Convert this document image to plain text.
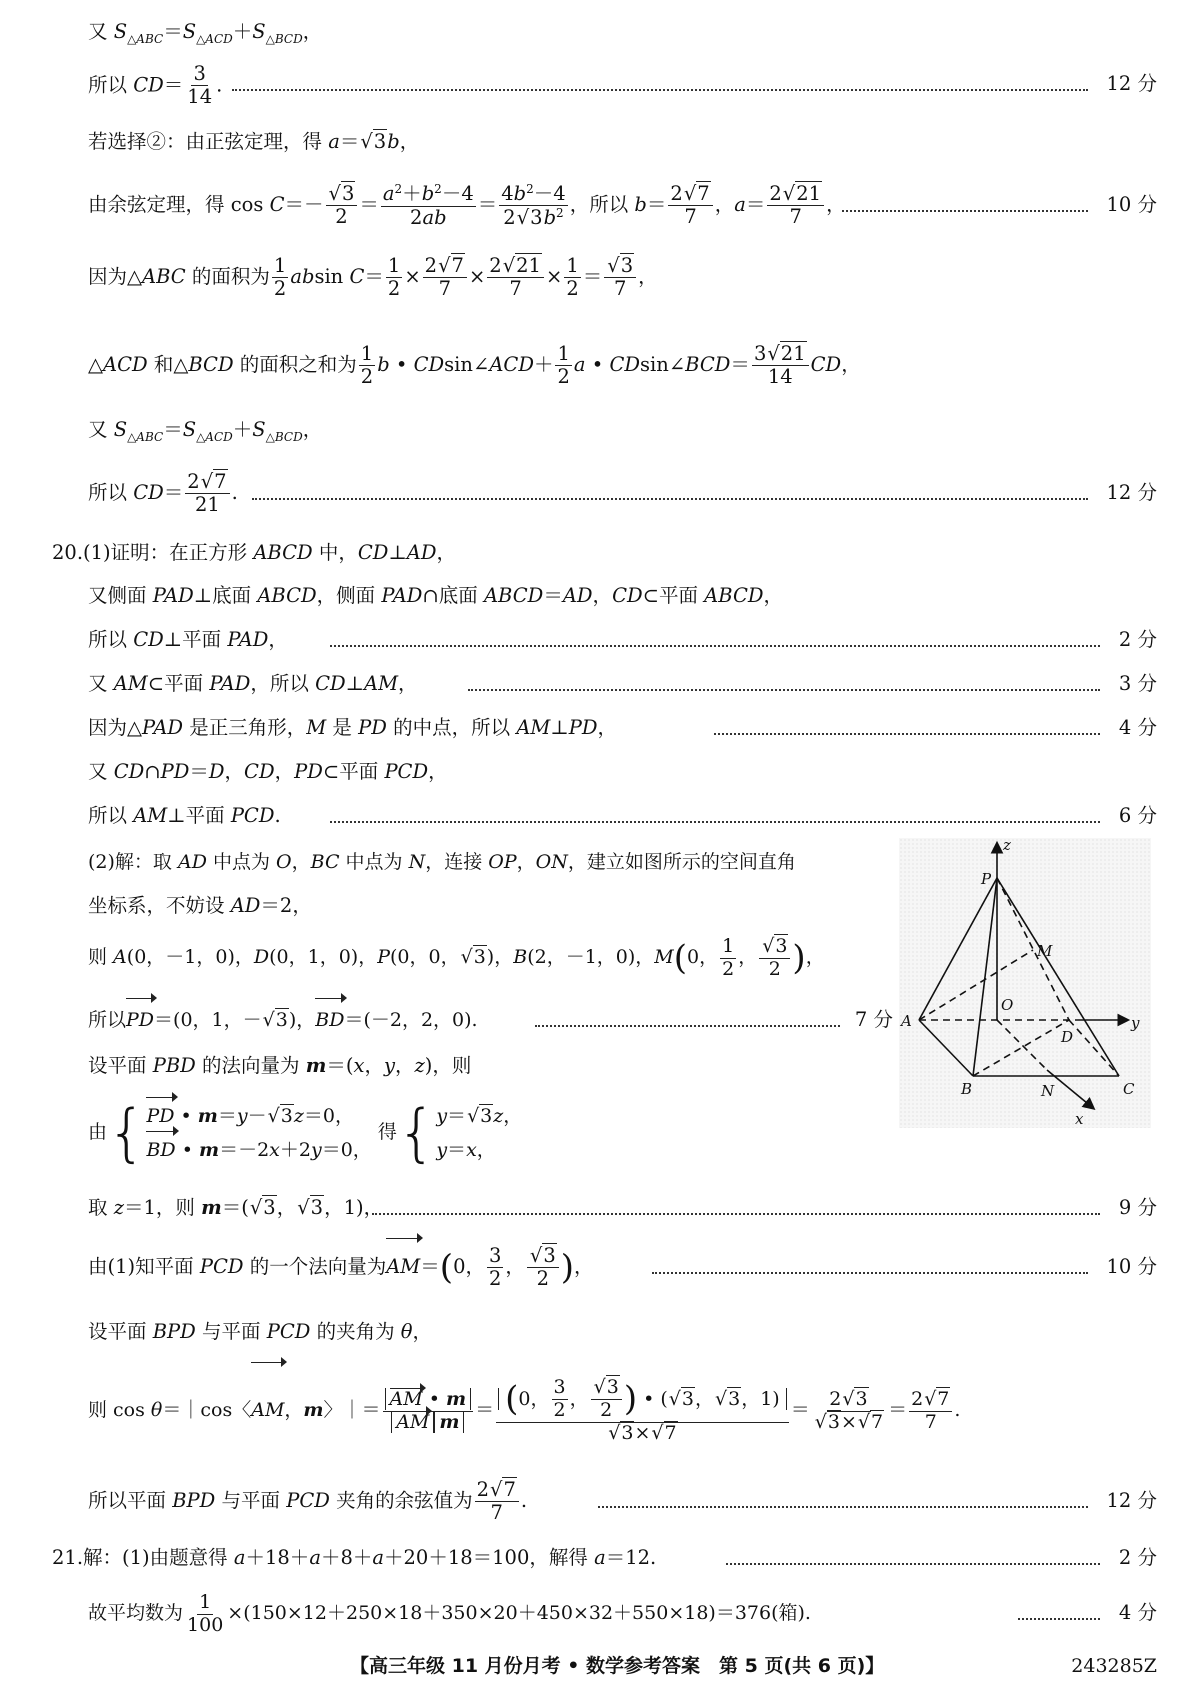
又 $S_{\triangle ABC}=S_{\triangle ACD}+S_{\triangle BCD}$，
所以 $CD= \frac{3}{14}$ .	12 分
若选择②：由正弦定理，得 a＝√3b，
由余弦定理，得 $\cos C=- \frac{√3}{2} = \frac{a^2+b^2-4}{2ab} = \frac{4b^2-4}{2√3b^2}$ ，所以 $b= \frac{2√7}{7}$ ，$a= \frac{2√21}{7}$ ，	10 分
因为△ABC 的面积为 $\frac{1}{2}$ absin $C= \frac{1}{2} \times \frac{2√7}{7} \times \frac{2√21}{7} \times \frac{1}{2} = \frac{√3}{7}$ ，
△ACD 和△BCD 的面积之和为 $\frac{1}{2}$ b • CDsin∠ACD＋ $\frac{1}{2}$ a • CDsin∠BCD＝ $\frac{3√21}{14}$ CD，
又 $S_{\triangle ABC}=S_{\triangle ACD}+S_{\triangle BCD}$，
所以 $CD= \frac{2√7}{21}$ .	12 分
20.(1)证明：在正方形 ABCD 中，CD⊥AD，
又侧面 PAD⊥底面 ABCD，侧面 PAD∩底面 ABCD＝AD，CD⊂平面 ABCD，
所以 CD⊥平面 PAD，	2 分
又 AM⊂平面 PAD，所以 CD⊥AM，	3 分
因为△PAD 是正三角形，M 是 PD 的中点，所以 AM⊥PD，	4 分
又 CD∩PD＝D，CD，PD⊂平面 PCD，
所以 AM⊥平面 PCD.	6 分
(2)解：取 AD 中点为 O，BC 中点为 N，连接 OP，ON，建立如图所示的空间直角
坐标系，不妨设 AD＝2，
则 A(0，－1，0)，D(0，1，0)，P(0，0，√3)，B(2，－1，0)，M(0， $\frac{1}{2}$ ， $\frac{√3}{2}$ )，
所以PD＝(0，1，－√3)，BD＝(－2，2，0).	7 分
设平面 PBD 的法向量为 m＝(x，y，z)，则
由{ PD • m＝y－√3z＝0，
BD • m＝－2x＋2y＝0，
得{ y＝√3z，
y＝x，
取 z＝1，则 m＝(√3，√3，1)，	9 分
由(1)知平面 PCD 的一个法向量为AM＝(0， $\frac{3}{2}$ ， $\frac{√3}{2}$ )，	10 分
设平面 BPD 与平面 PCD 的夹角为 θ，
则 cos θ＝｜cos〈AM，m〉｜＝
AM • m
AM m
＝ $\frac{(0, \frac{3}{2} , \frac{√3}{2} ) • (√3,√3,1)}{√3\times√7} = \frac{2√3}{√3\times√7} = \frac{2√7}{7}$ .
所以平面 BPD 与平面 PCD 夹角的余弦值为 $\frac{2√7}{7}$ .	12 分
21.解：(1)由题意得 a＋18＋a＋8＋a＋20＋18＝100，解得 a＝12.	2 分
故平均数为 $\frac{1}{100} \times(150\times 12+250\times 18+350\times 20+450\times 32+550\times 18)=376$(箱).	4 分
z
P
M
O
A
D
y
B	N	C
x
【高三年级 11 月份月考 • 数学参考答案　第 5 页(共 6 页)】	243285Z
